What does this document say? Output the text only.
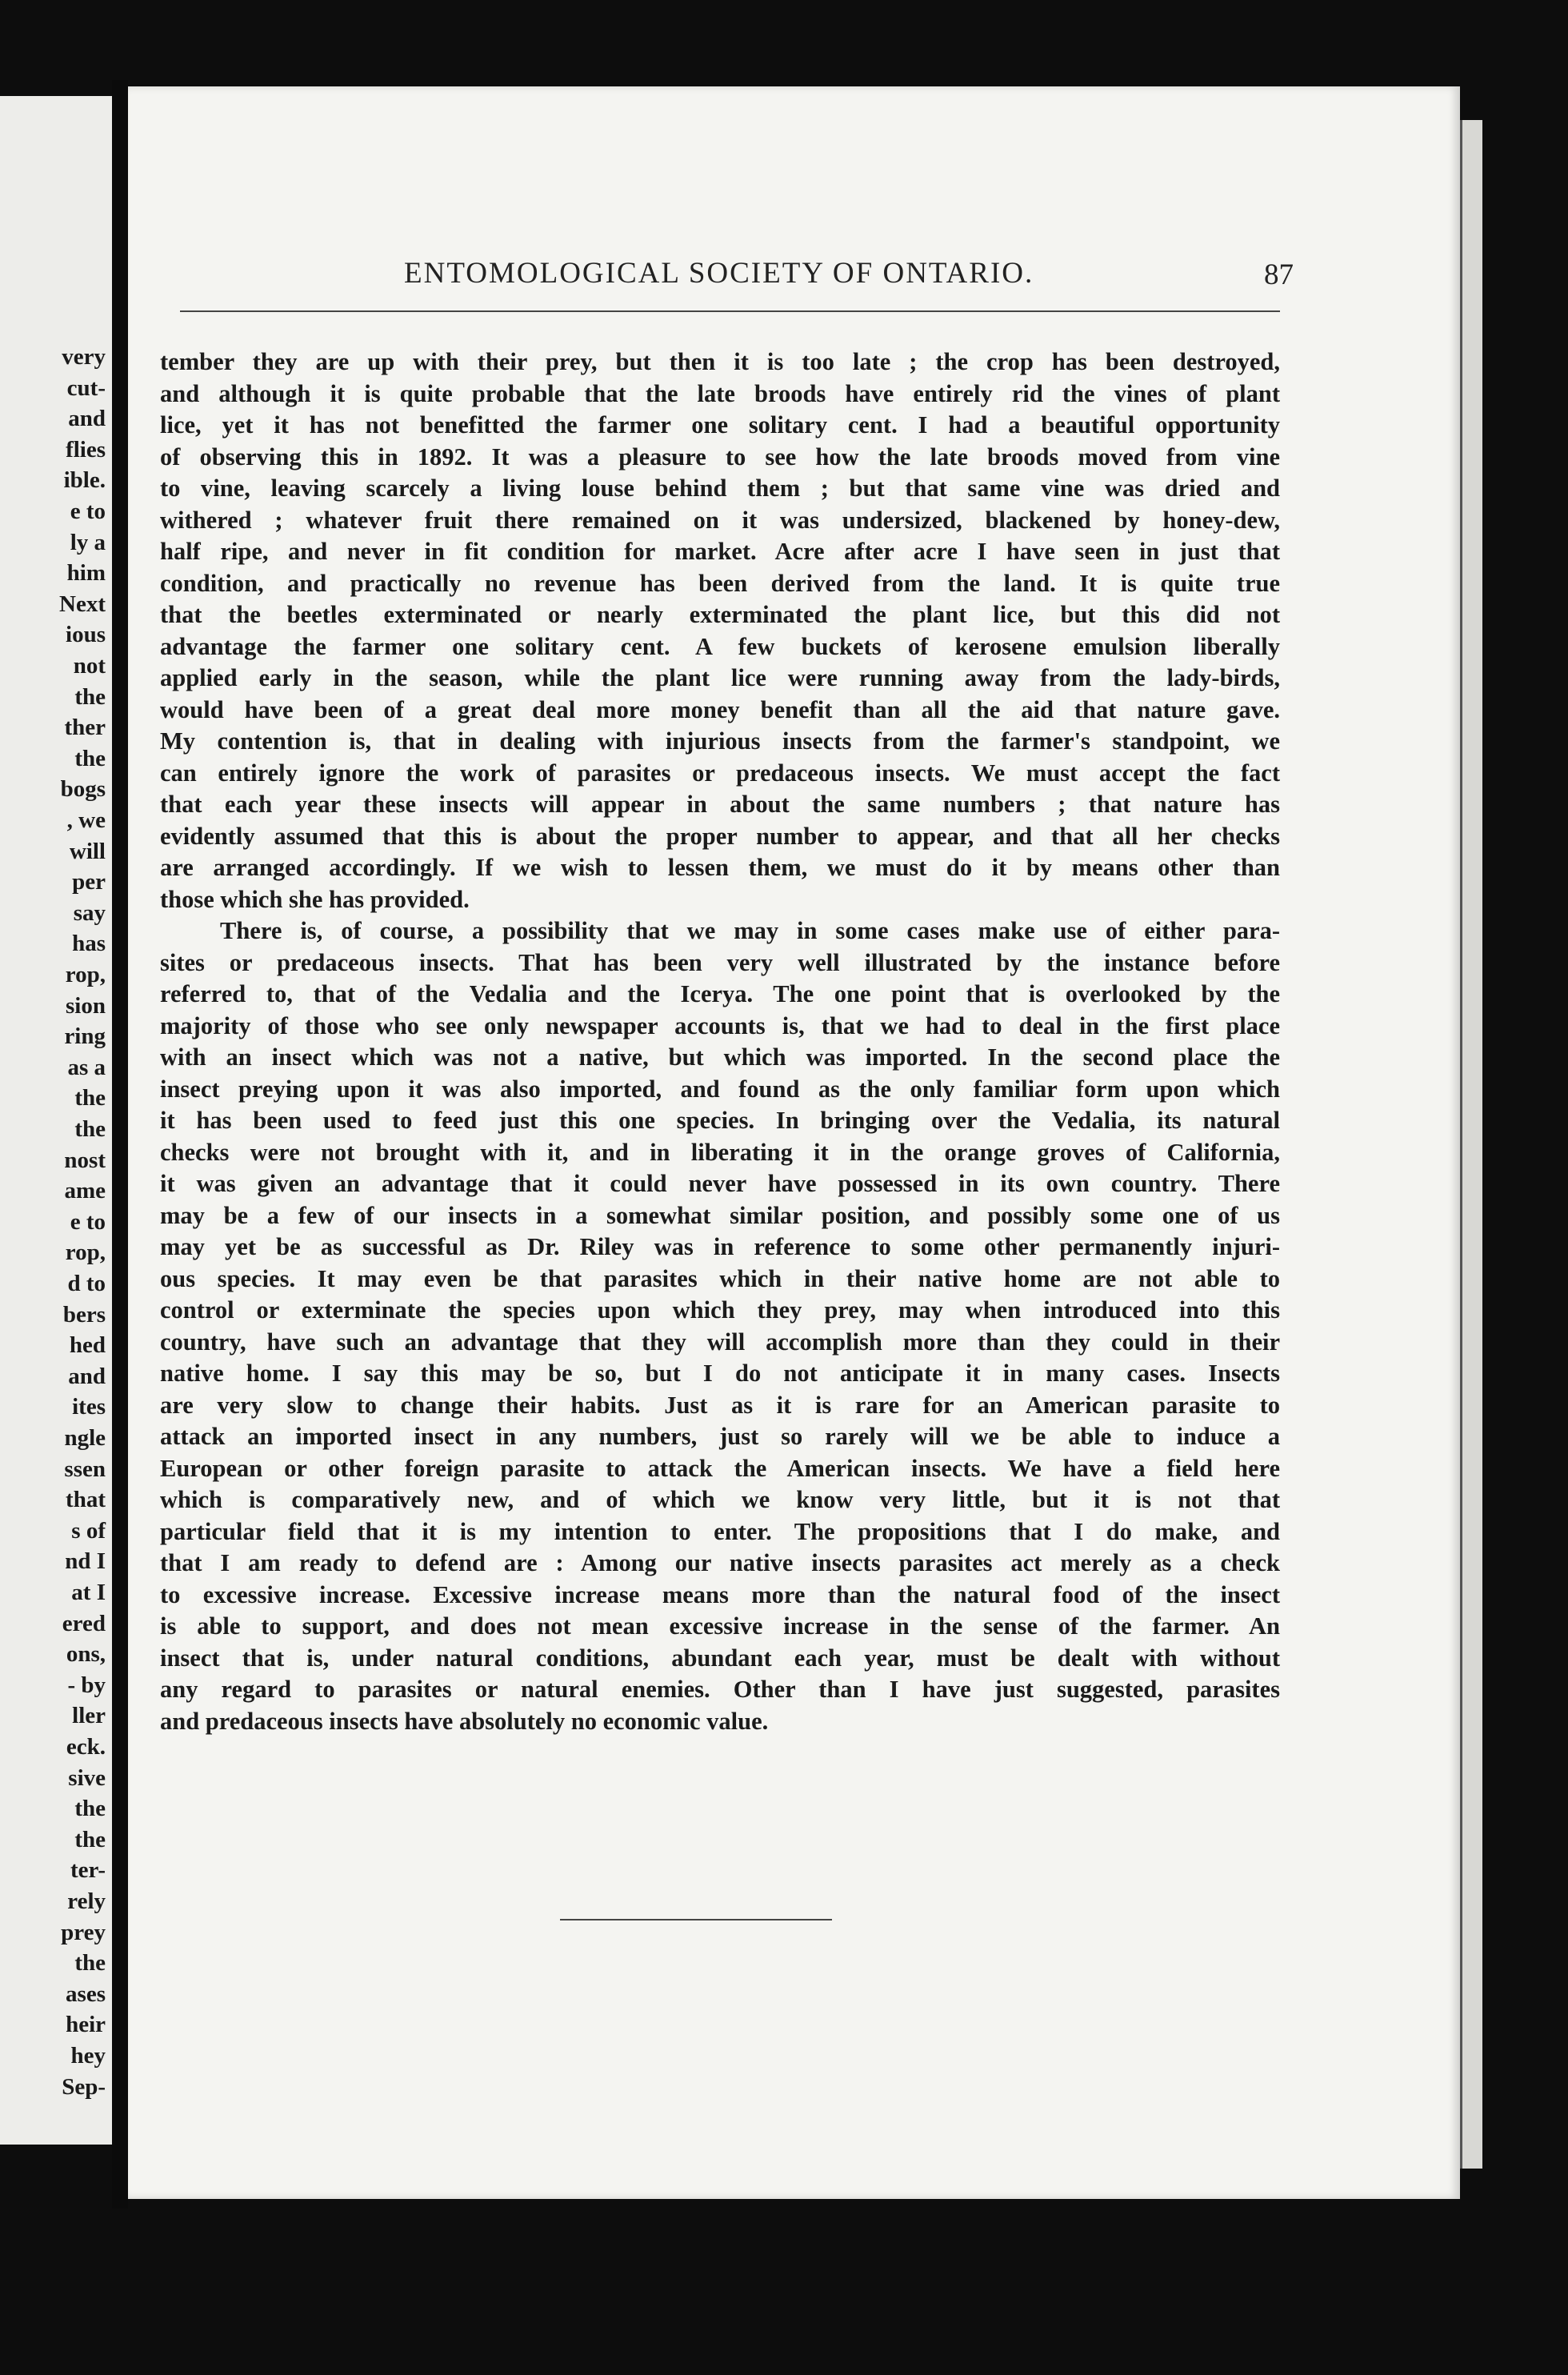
very
cut-
and
flies
ible.
e to
ly a
him
Next
ious
not
the
ther
the
bogs
, we
will
per
say
has
rop,
sion
ring
as a
the
the
nost
ame
e to
rop,
d to
bers
hed
and
ites
ngle
ssen
that
s of
nd I
at I
ered
ons,
- by
ller
eck.
sive
the
the
ter-
rely
prey
the
ases
heir
hey
Sep-
ENTOMOLOGICAL SOCIETY OF ONTARIO.	87
tember they are up with their prey, but then it is too late ; the crop has been destroyed,
and although it is quite probable that the late broods have entirely rid the vines of plant
lice, yet it has not benefitted the farmer one solitary cent. I had a beautiful opportunity
of observing this in 1892. It was a pleasure to see how the late broods moved from vine
to vine, leaving scarcely a living louse behind them ; but that same vine was dried and
withered ; whatever fruit there remained on it was undersized, blackened by honey-dew,
half ripe, and never in fit condition for market. Acre after acre I have seen in just that
condition, and practically no revenue has been derived from the land. It is quite true
that the beetles exterminated or nearly exterminated the plant lice, but this did not
advantage the farmer one solitary cent. A few buckets of kerosene emulsion liberally
applied early in the season, while the plant lice were running away from the lady-birds,
would have been of a great deal more money benefit than all the aid that nature gave.
My contention is, that in dealing with injurious insects from the farmer's standpoint, we
can entirely ignore the work of parasites or predaceous insects. We must accept the fact
that each year these insects will appear in about the same numbers ; that nature has
evidently assumed that this is about the proper number to appear, and that all her checks
are arranged accordingly. If we wish to lessen them, we must do it by means other than
those which she has provided.
There is, of course, a possibility that we may in some cases make use of either para-
sites or predaceous insects. That has been very well illustrated by the instance before
referred to, that of the Vedalia and the Icerya. The one point that is overlooked by the
majority of those who see only newspaper accounts is, that we had to deal in the first place
with an insect which was not a native, but which was imported. In the second place the
insect preying upon it was also imported, and found as the only familiar form upon which
it has been used to feed just this one species. In bringing over the Vedalia, its natural
checks were not brought with it, and in liberating it in the orange groves of California,
it was given an advantage that it could never have possessed in its own country. There
may be a few of our insects in a somewhat similar position, and possibly some one of us
may yet be as successful as Dr. Riley was in reference to some other permanently injuri-
ous species. It may even be that parasites which in their native home are not able to
control or exterminate the species upon which they prey, may when introduced into this
country, have such an advantage that they will accomplish more than they could in their
native home. I say this may be so, but I do not anticipate it in many cases. Insects
are very slow to change their habits. Just as it is rare for an American parasite to
attack an imported insect in any numbers, just so rarely will we be able to induce a
European or other foreign parasite to attack the American insects. We have a field here
which is comparatively new, and of which we know very little, but it is not that
particular field that it is my intention to enter. The propositions that I do make, and
that I am ready to defend are : Among our native insects parasites act merely as a check
to excessive increase. Excessive increase means more than the natural food of the insect
is able to support, and does not mean excessive increase in the sense of the farmer. An
insect that is, under natural conditions, abundant each year, must be dealt with without
any regard to parasites or natural enemies. Other than I have just suggested, parasites
and predaceous insects have absolutely no economic value.
